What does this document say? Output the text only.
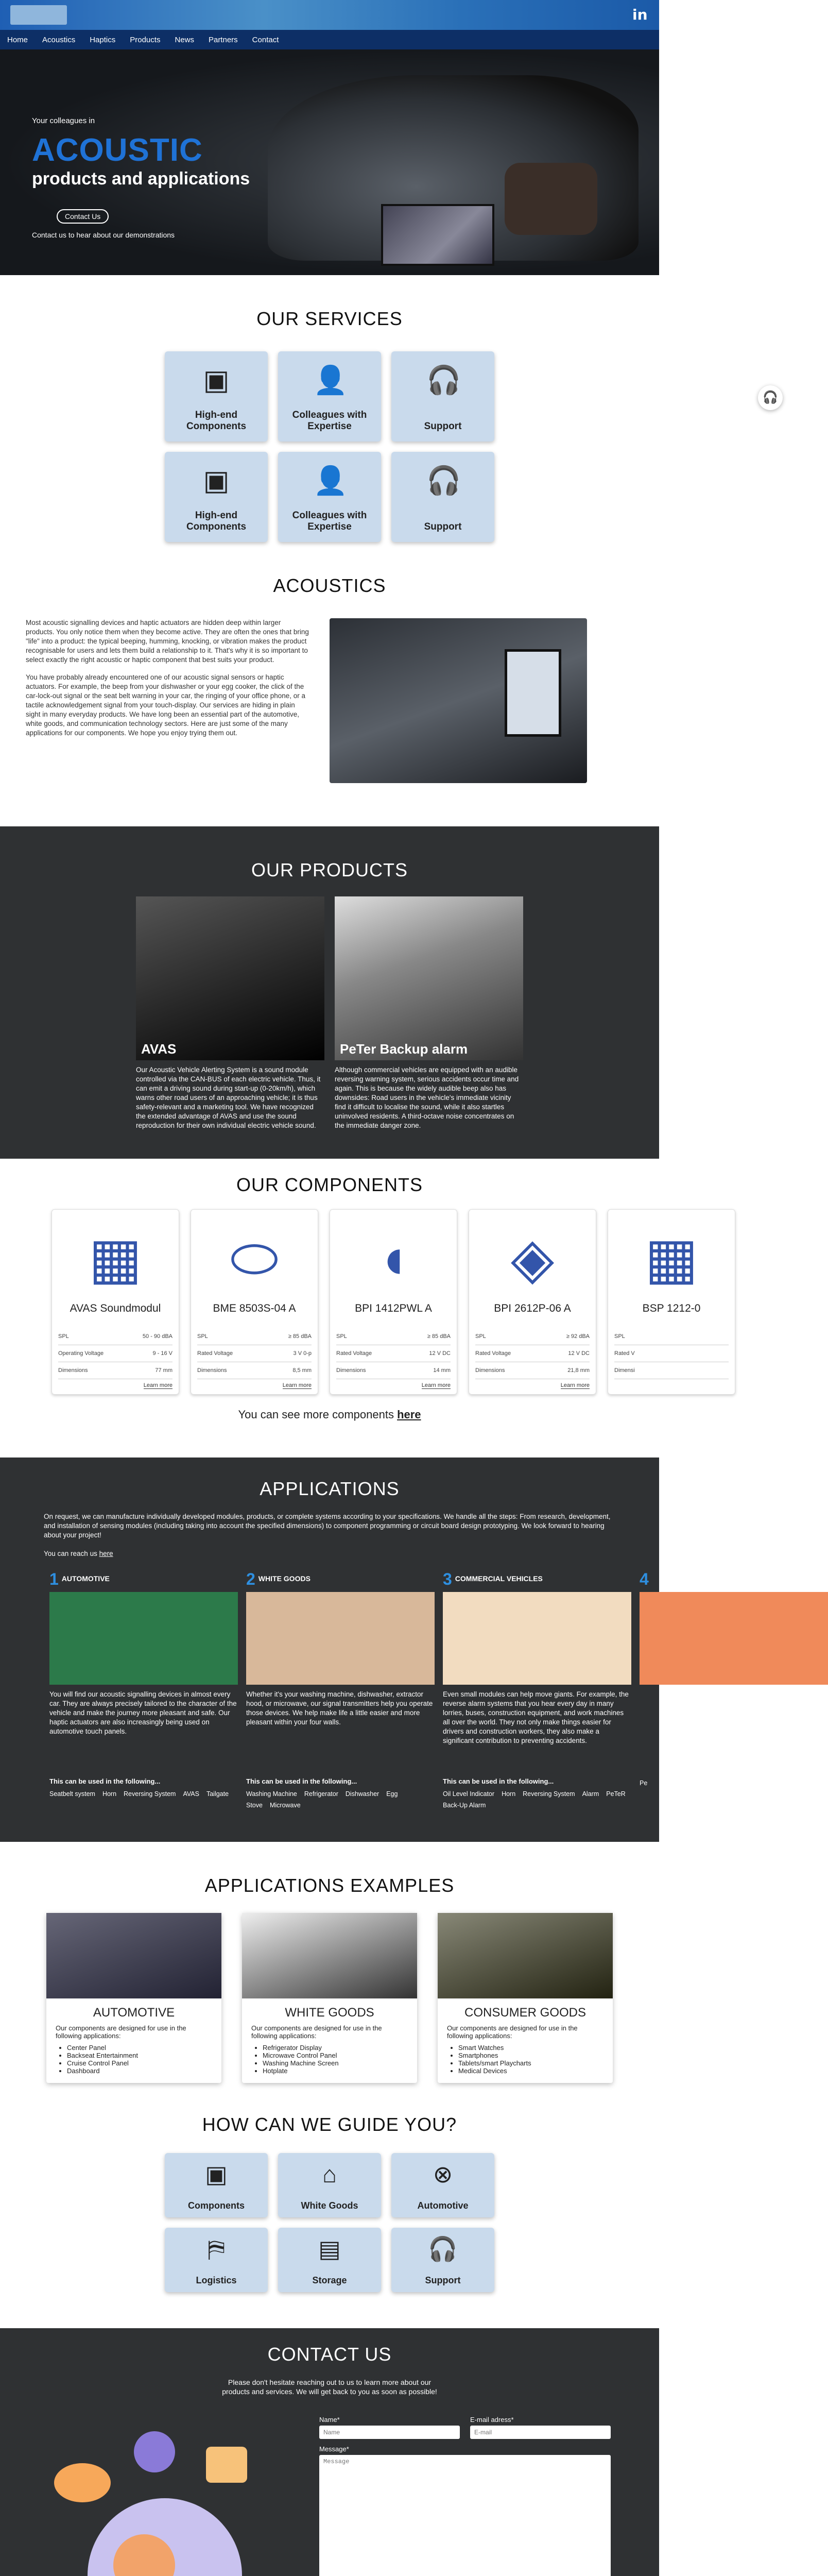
in
Home Acoustics Haptics Products News Partners Contact
Your colleagues in
ACOUSTIC
products and applications
Contact us to hear about our demonstrations
Contact Us
OUR SERVICES
🎧
▣
High-end Components
👤
Colleagues with Expertise
🎧
Support
▣
High-end Components
👤
Colleagues with Expertise
🎧
Support
ACOUSTICS

Most acoustic signalling devices and haptic actuators are hidden deep within larger products. You only notice them when they become active. They are often the ones that bring "life" into a product: the typical beeping, humming, knocking, or vibration makes the product recognisable for users and lets them build a relationship to it. That's why it is so important to select exactly the right acoustic or haptic component that best suits your product.

You have probably already encountered one of our acoustic signal sensors or haptic actuators. For example, the beep from your dishwasher or your egg cooker, the click of the car-lock-out signal or the seat belt warning in your car, the ringing of your office phone, or a tactile acknowledgement signal from your touch-display. Our services are hiding in plain sight in many everyday products. We have long been an essential part of the automotive, white goods, and communication technology sectors. Here are just some of the many applications for our components. We hope you enjoy trying them out.

OUR PRODUCTS
AVAS

Our Acoustic Vehicle Alerting System is a sound module controlled via the CAN-BUS of each electric vehicle. Thus, it can emit a driving sound during start-up (0-20km/h), which warns other road users of an approaching vehicle; it is thus safety-relevant and a marketing tool. We have recognized the extended advantage of AVAS and use the sound reproduction for their own individual electric vehicle sound.

PeTer Backup alarm

Although commercial vehicles are equipped with an audible reversing warning system, serious accidents occur time and again. This is because the widely audible beep also has downsides: Road users in the vehicle's immediate vicinity find it difficult to localise the sound, while it also startles uninvolved residents. A third-octave noise concentrates on the immediate danger zone.

OUR COMPONENTS
▦
AVAS Soundmodul
SPL	50 - 90 dBA
Operating Voltage	9 - 16 V
Dimensions	77 mm
Learn more
⬭
BME 8503S-04 A
SPL	≥ 85 dBA
Rated Voltage	3 V 0-p
Dimensions	8,5 mm
Learn more
◖
BPI 1412PWL A
SPL	≥ 85 dBA
Rated Voltage	12 V DC
Dimensions	14 mm
Learn more
◈
BPI 2612P-06 A
SPL	≥ 92 dBA
Rated Voltage	12 V DC
Dimensions	21,8 mm
Learn more
▦
BSP 1212-0
SPL
Rated V
Dimensi
You can see more components here
APPLICATIONS
On request, we can manufacture individually developed modules, products, or complete systems according to your specifications. We handle all the steps: From research, development, and installation of sensing modules (including taking into account the specified dimensions) to component programming or circuit board design prototyping. We look forward to hearing about your project!

You can reach us here
1 AUTOMOTIVE

You will find our acoustic signalling devices in almost every car. They are always precisely tailored to the character of the vehicle and make the journey more pleasant and safe. Our haptic actuators are also increasingly being used on automotive touch panels.

This can be used in the following...
Seatbelt system Horn Reversing System AVAS Tailgate
2 WHITE GOODS

Whether it's your washing machine, dishwasher, extractor hood, or microwave, our signal transmitters help you operate those devices. We help make life a little easier and more pleasant within your four walls.

This can be used in the following...
Washing Machine Refrigerator Dishwasher Egg Stove Microwave
3 COMMERCIAL VEHICLES

Even small modules can help move giants. For example, the reverse alarm systems that you hear every day in many lorries, buses, construction equipment, and work machines all over the world. They not only make things easier for drivers and construction workers, they also make a significant contribution to preventing accidents.

This can be used in the following...
Oil Level Indicator Horn Reversing System Alarm PeTeR Back-Up Alarm
4

Pe
APPLICATIONS EXAMPLES
AUTOMOTIVE

Our components are designed for use in the following applications:

• Center Panel
• Backseat Entertainment
• Cruise Control Panel
• Dashboard
WHITE GOODS

Our components are designed for use in the following applications:

• Refrigerator Display
• Microwave Control Panel
• Washing Machine Screen
• Hotplate
CONSUMER GOODS

Our components are designed for use in the following applications:

• Smart Watches
• Smartphones
• Tablets/smart Playcharts
• Medical Devices
HOW CAN WE GUIDE YOU?
▣
Components
⌂
White Goods
⊗
Automotive
⛿
Logistics
▤
Storage
🎧
Support
CONTACT US
Please don't hesitate reaching out to us to learn more about our products and services. We will get back to you as soon as possible!
Name*
Name	E-mail adress*
E-mail
Message*
Message
